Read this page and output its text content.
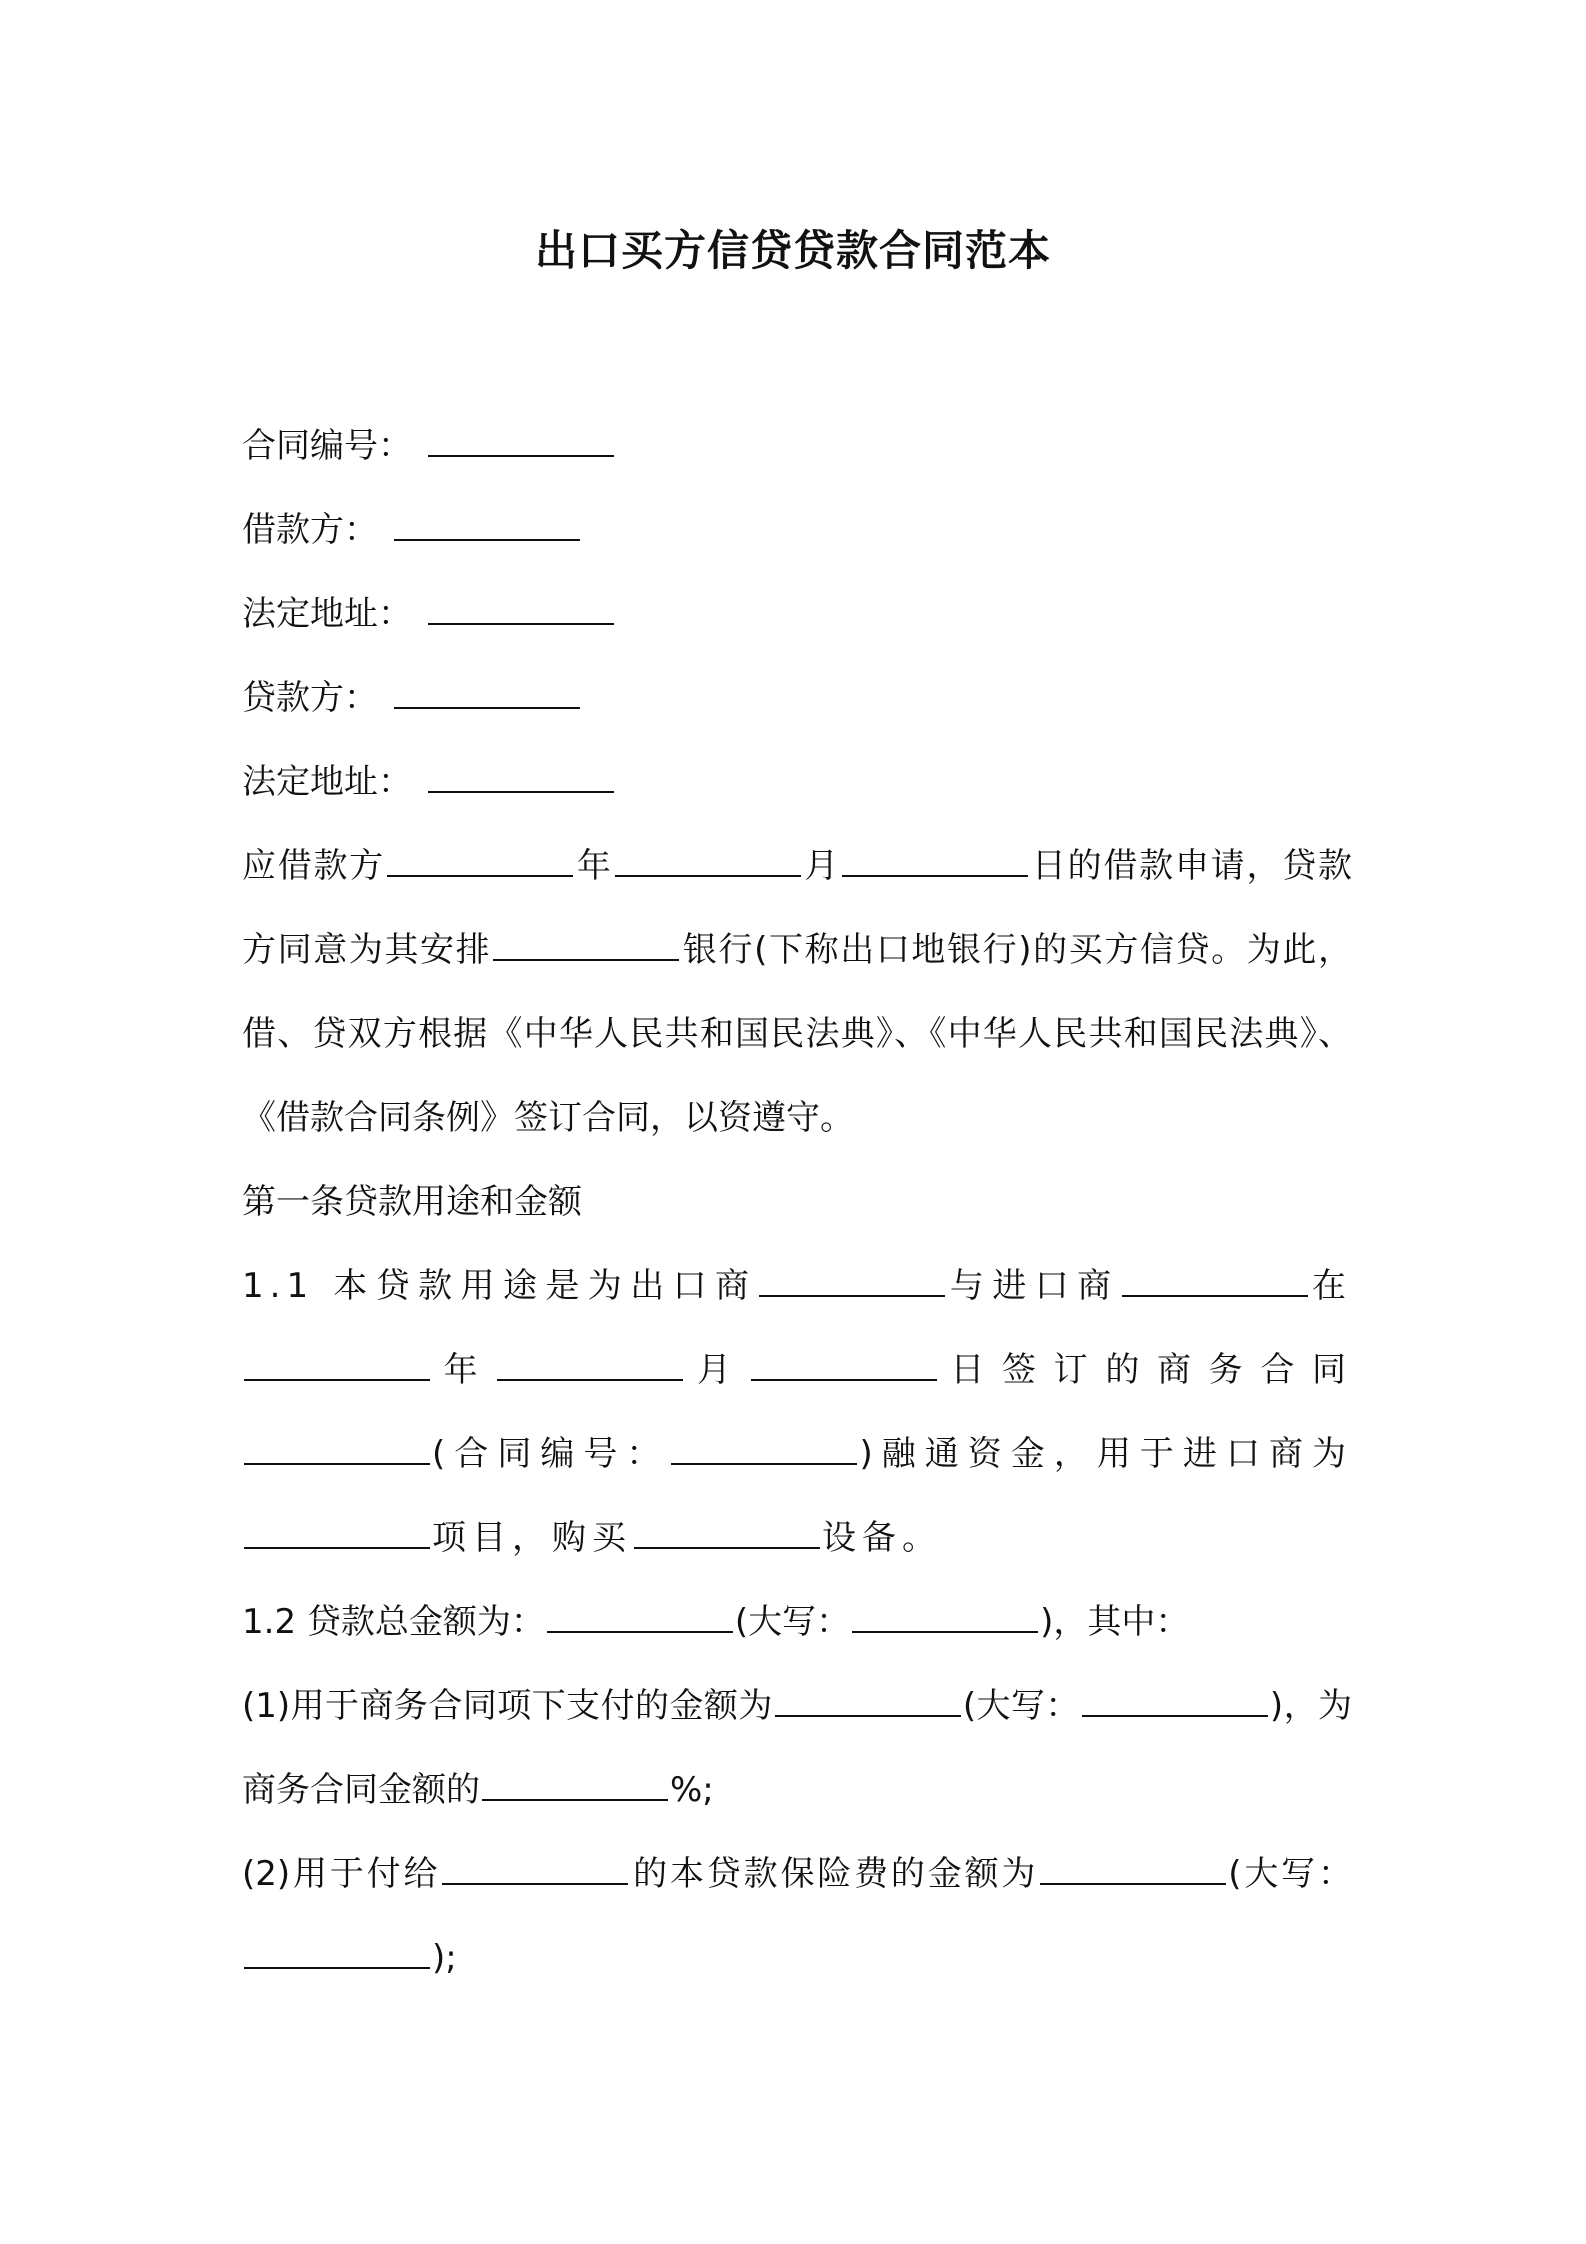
出口买方信贷贷款合同范本
合同编号：
借款方：
法定地址：
贷款方：
法定地址：

应借款方	年	月	日的借款申请，贷款方同意为其安排	银行(下称出口地银行)的买方信贷。为此，借、贷双方根据《中华人民共和国民法典》、《中华人民共和国民法典》、《借款合同条例》签订合同，以资遵守。

第一条贷款用途和金额

1.1 本贷款用途是为出口商	与进口商	在年	月	日签订的商务合同(合同编号：	)融通资金，用于进口商为项目，购买	设备。

1.2 贷款总金额为：	(大写：	)，其中：

(1)用于商务合同项下支付的金额为	(大写：	)，为商务合同金额的	%;

(2)用于付给	的本贷款保险费的金额为	(大写：);
